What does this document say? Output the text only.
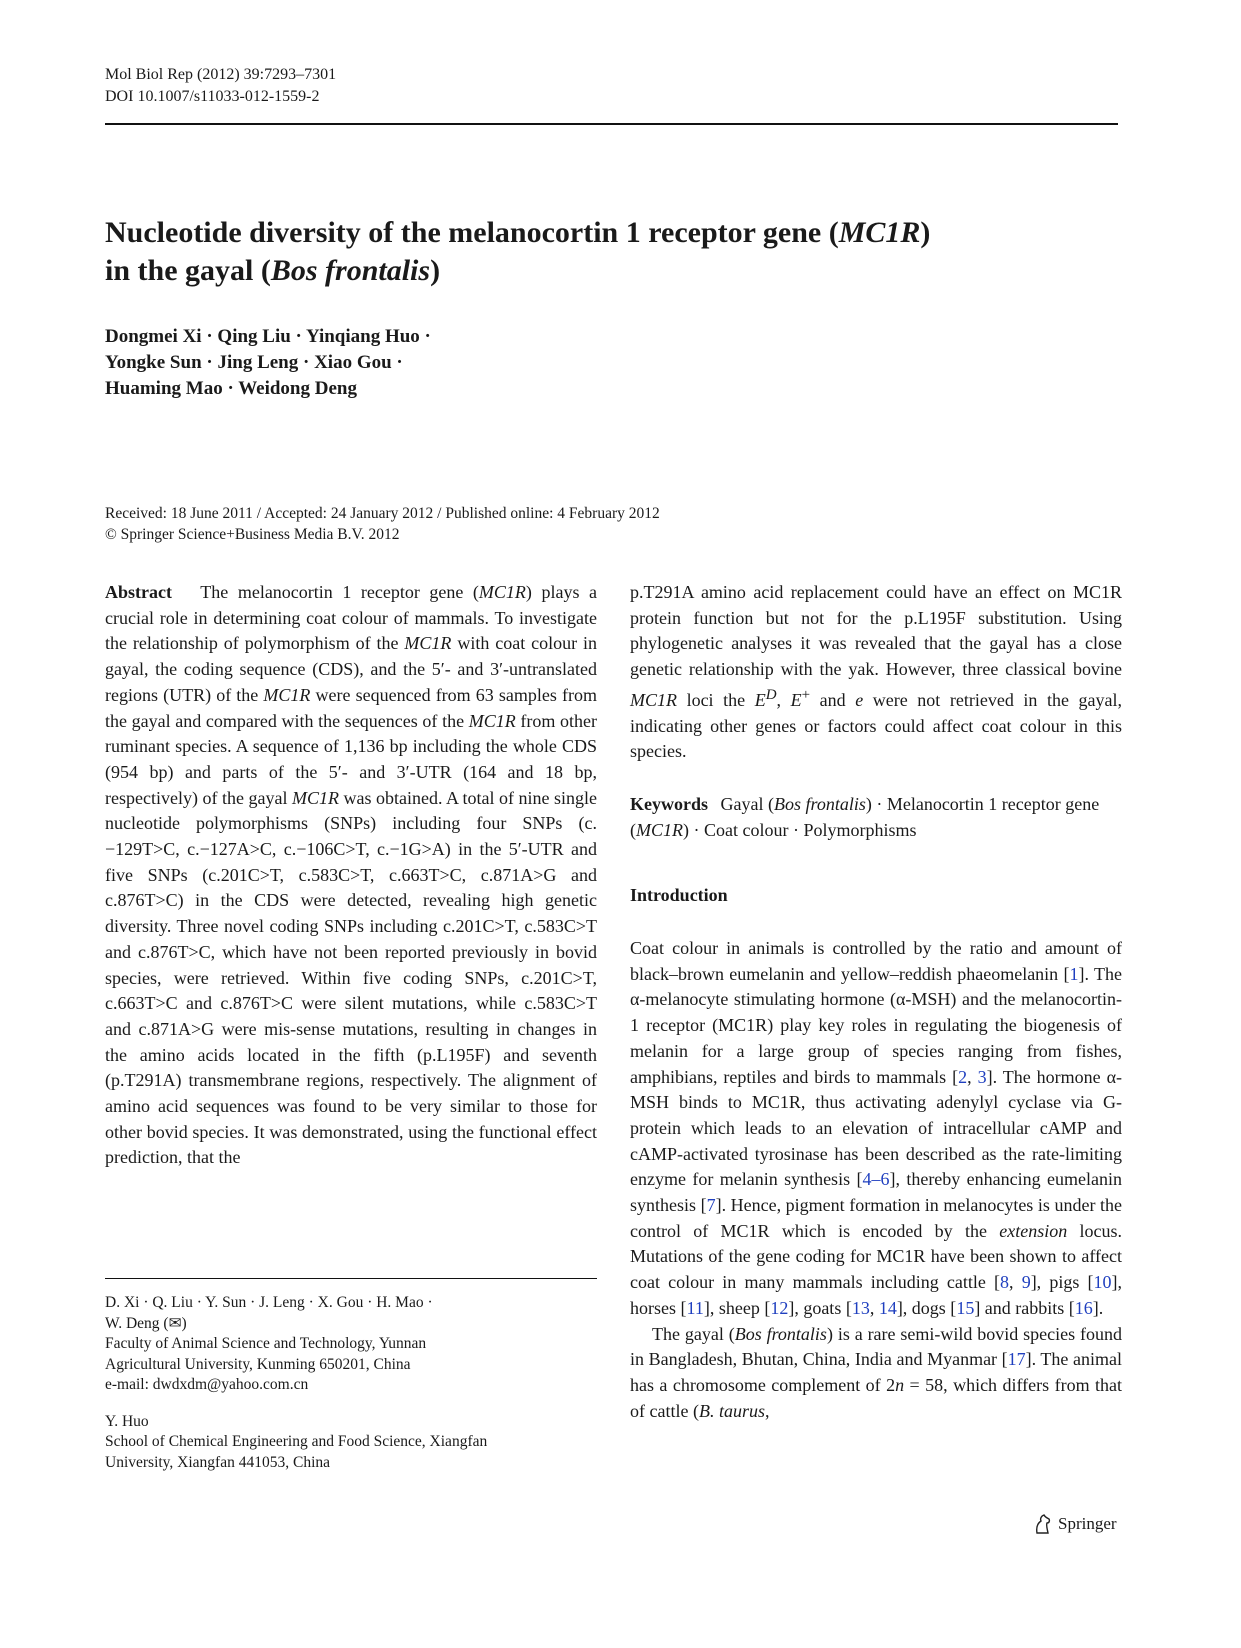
Mol Biol Rep (2012) 39:7293–7301
DOI 10.1007/s11033-012-1559-2
Nucleotide diversity of the melanocortin 1 receptor gene (MC1R)
in the gayal (Bos frontalis)
Dongmei Xi · Qing Liu · Yinqiang Huo ·
Yongke Sun · Jing Leng · Xiao Gou ·
Huaming Mao · Weidong Deng
Received: 18 June 2011 / Accepted: 24 January 2012 / Published online: 4 February 2012
© Springer Science+Business Media B.V. 2012

Abstract   The melanocortin 1 receptor gene (MC1R) plays a crucial role in determining coat colour of mammals. To investigate the relationship of polymorphism of the MC1R with coat colour in gayal, the coding sequence (CDS), and the 5′- and 3′-untranslated regions (UTR) of the MC1R were sequenced from 63 samples from the gayal and compared with the sequences of the MC1R from other ruminant species. A sequence of 1,136 bp including the whole CDS (954 bp) and parts of the 5′- and 3′-UTR (164 and 18 bp, respectively) of the gayal MC1R was obtained. A total of nine single nucleotide polymorphisms (SNPs) including four SNPs (c.−129T>C, c.−127A>C, c.−106C>T, c.−1G>A) in the 5′-UTR and five SNPs (c.201C>T, c.583C>T, c.663T>C, c.871A>G and c.876T>C) in the CDS were detected, revealing high genetic diversity. Three novel coding SNPs including c.201C>T, c.583C>T and c.876T>C, which have not been reported previously in bovid species, were retrieved. Within five coding SNPs, c.201C>T, c.663T>C and c.876T>C were silent mutations, while c.583C>T and c.871A>G were mis-sense mutations, resulting in changes in the amino acids located in the fifth (p.L195F) and seventh (p.T291A) transmembrane regions, respectively. The alignment of amino acid sequences was found to be very similar to those for other bovid species. It was demonstrated, using the functional effect prediction, that the

p.T291A amino acid replacement could have an effect on MC1R protein function but not for the p.L195F substitution. Using phylogenetic analyses it was revealed that the gayal has a close genetic relationship with the yak. However, three classical bovine MC1R loci the $E^D$, E+ and e were not retrieved in the gayal, indicating other genes or factors could affect coat colour in this species.

Keywords Gayal (Bos frontalis) · Melanocortin 1 receptor gene (MC1R) · Coat colour · Polymorphisms

Introduction

Coat colour in animals is controlled by the ratio and amount of black–brown eumelanin and yellow–reddish phaeomelanin [1]. The α-melanocyte stimulating hormone (α-MSH) and the melanocortin-1 receptor (MC1R) play key roles in regulating the biogenesis of melanin for a large group of species ranging from fishes, amphibians, reptiles and birds to mammals [2, 3]. The hormone α-MSH binds to MC1R, thus activating adenylyl cyclase via G-protein which leads to an elevation of intracellular cAMP and cAMP-activated tyrosinase has been described as the rate-limiting enzyme for melanin synthesis [4–6], thereby enhancing eumelanin synthesis [7]. Hence, pigment formation in melanocytes is under the control of MC1R which is encoded by the extension locus. Mutations of the gene coding for MC1R have been shown to affect coat colour in many mammals including cattle [8, 9], pigs [10], horses [11], sheep [12], goats [13, 14], dogs [15] and rabbits [16].

The gayal (Bos frontalis) is a rare semi-wild bovid species found in Bangladesh, Bhutan, China, India and Myanmar [17]. The animal has a chromosome complement of 2n = 58, which differs from that of cattle (B. taurus,

D. Xi · Q. Liu · Y. Sun · J. Leng · X. Gou · H. Mao ·
W. Deng (✉)
Faculty of Animal Science and Technology, Yunnan
Agricultural University, Kunming 650201, China
e-mail: dwdxdm@yahoo.com.cn

Y. Huo
School of Chemical Engineering and Food Science, Xiangfan
University, Xiangfan 441053, China

Springer
